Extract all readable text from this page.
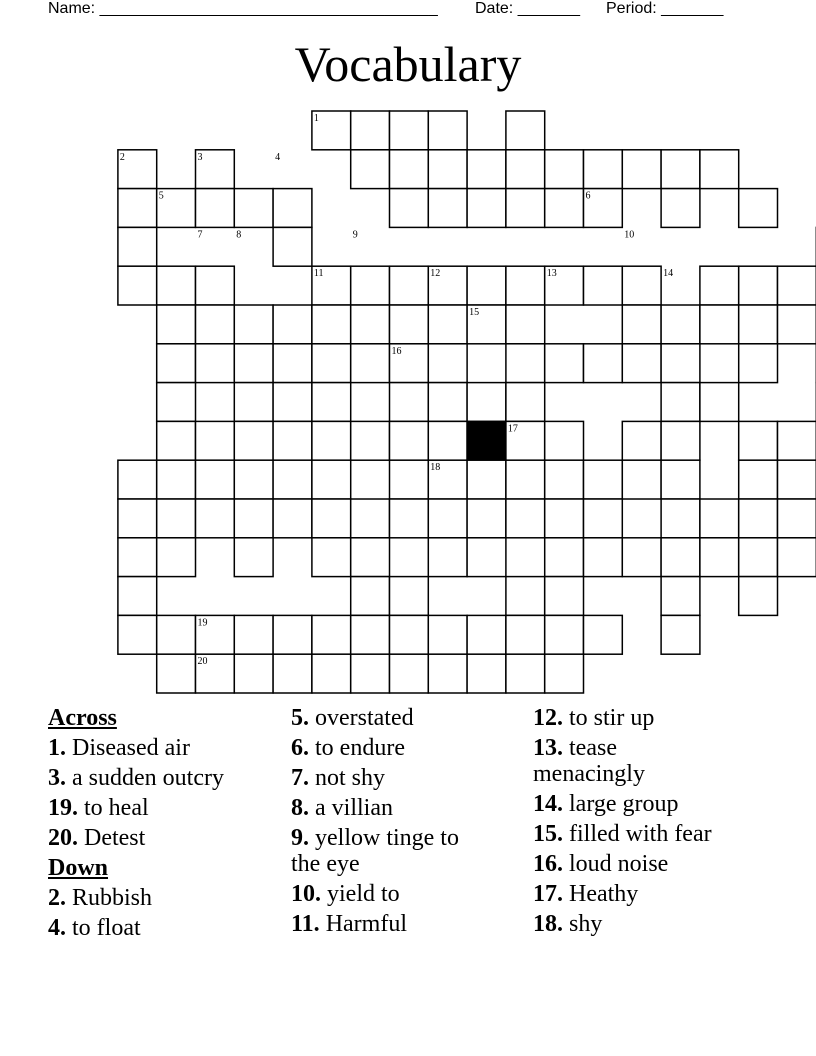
Name: ______________________________________ Date: _______ Period: _______
Vocabulary
1
2	3	4
5	6
7	8	9	10
11	12	13	14
15
16
17
18
19
20
Across
1. Diseased air
3. a sudden outcry
19. to heal
20. Detest
Down
2. Rubbish
4. to float
5. overstated
6. to endure
7. not shy
8. a villian
9. yellow tinge to the eye
10. yield to
11. Harmful
12. to stir up
13. tease menacingly
14. large group
15. filled with fear
16. loud noise
17. Heathy
18. shy
